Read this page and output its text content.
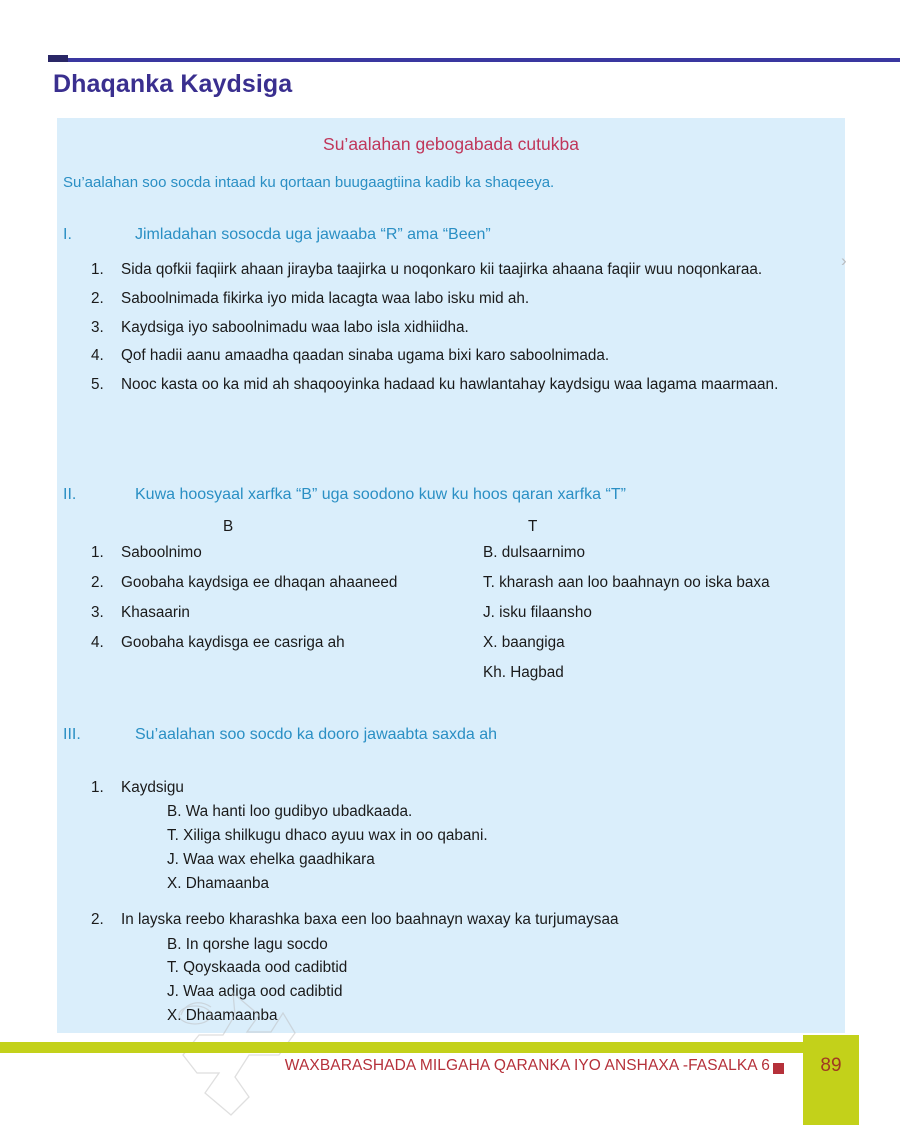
Dhaqanka Kaydsiga
Su’aalahan gebogabada cutukba
Su’aalahan soo socda intaad ku qortaan buugaagtiina kadib ka shaqeeya.
I.	Jimladahan sosocda uga jawaaba “R” ama “Been”
1. Sida qofkii faqiirk ahaan jirayba taajirka u noqonkaro kii taajirka ahaana faqiir wuu noqonkaraa.
2. Saboolnimada fikirka iyo mida lacagta waa labo isku mid ah.
3. Kaydsiga iyo saboolnimadu waa labo isla xidhiidha.
4. Qof hadii aanu amaadha qaadan sinaba ugama bixi karo saboolnimada.
5. Nooc kasta oo ka mid ah shaqooyinka hadaad ku hawlantahay kaydsigu waa lagama maarmaan.
II.	Kuwa hoosyaal xarfka “B” uga soodono kuw ku hoos qaran xarfka “T”
B	T
1. Saboolnimo	B. dulsaarnimo
2. Goobaha kaydsiga ee dhaqan ahaaneed	T. kharash aan loo baahnayn oo iska baxa
3. Khasaarin	J. isku filaansho
4. Goobaha kaydisga ee casriga ah	X. baangiga
Kh. Hagbad
III.	Su’aalahan soo socdo ka dooro jawaabta saxda ah
1. Kaydsigu
B. Wa hanti loo gudibyo ubadkaada.
T. Xiliga shilkugu dhaco ayuu wax in oo qabani.
J. Waa wax ehelka gaadhikara
X. Dhamaanba
2. In layska reebo kharashka baxa een loo baahnayn waxay ka turjumaysaa
B. In qorshe lagu socdo
T. Qoyskaada ood cadibtid
J. Waa adiga ood cadibtid
X. Dhaamaanba
›
WAXBARASHADA MILGAHA QARANKA IYO ANSHAXA -FASALKA 6	89
